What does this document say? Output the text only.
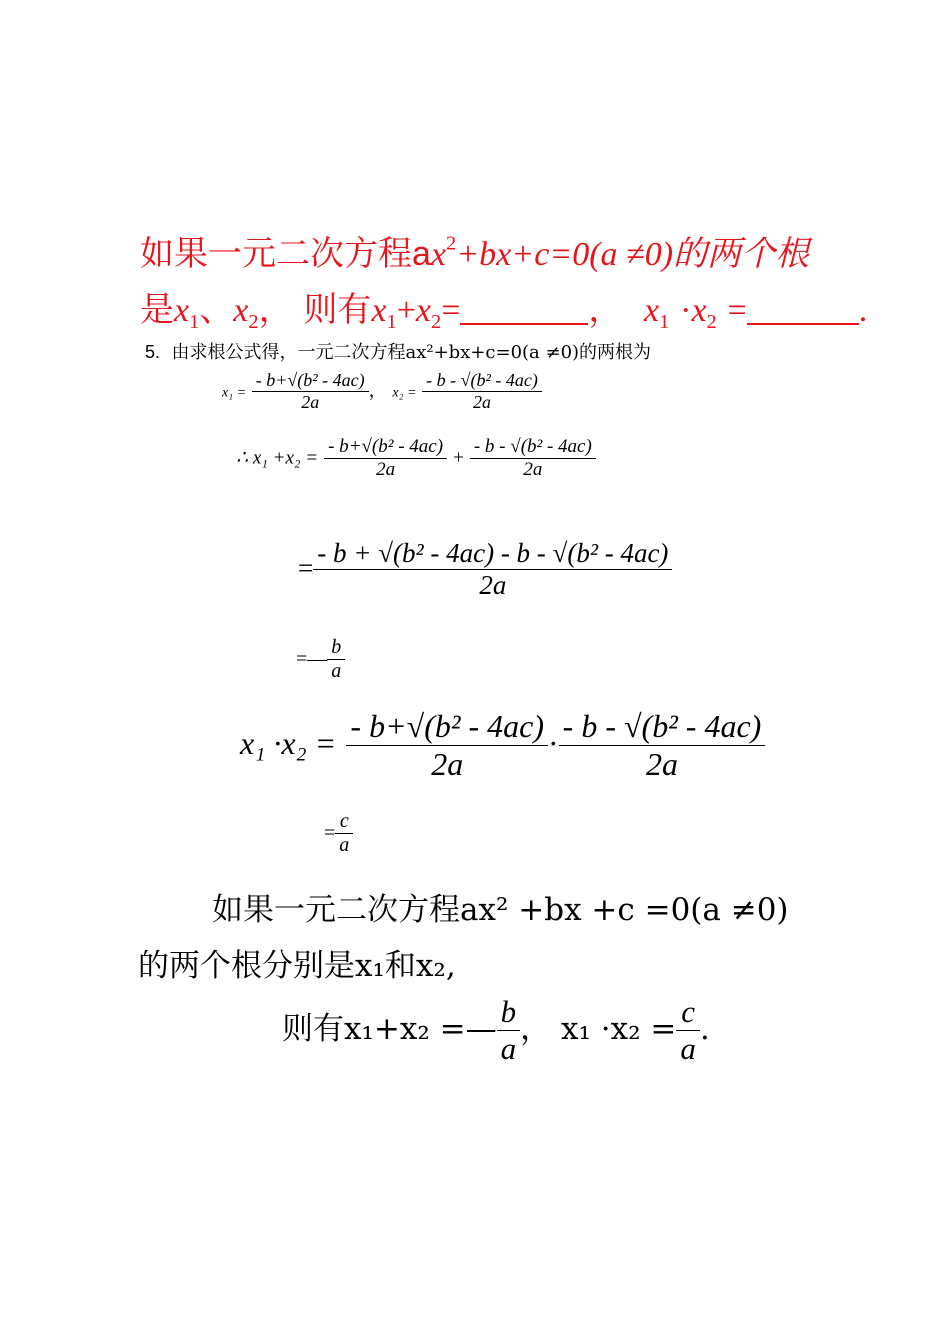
如果一元二次方程$ax^2+bx+c=0(a \ne 0)$的两个根
是$x_1$、$x_2$， 则有$x_1+x_2=$	， $x_1 \cdot x_2$ =	.
5. 由求根公式得，一元二次方程ax²+bx+c=0(a ≠0)的两根为
$x_1 = \frac{\text{- b+√(b² - 4ac)}}{2a}$ ， $x_2 = \frac{\text{- b - √(b² - 4ac)}}{2a}$
∴ $x_1 +x_2 = \frac{\text{- b+√(b² - 4ac)}}{2a} + \frac{\text{- b - √(b² - 4ac)}}{2a}$
= $\frac{\text{- b + √(b² - 4ac) - b - √(b² - 4ac)}}{2a}$
=— $\frac{b}{a}$
$x_1 \cdot x_2 = \frac{\text{- b+√(b² - 4ac)}}{2a} \cdot \frac{\text{- b - √(b² - 4ac)}}{2a}$
= $\frac{c}{a}$
如果一元二次方程ax² +bx +c =0(a ≠0)
的两个根分别是x₁和x₂,
则有x₁+x₂ =— $\frac{b}{a}$ ， $x_1 \cdot x_2 = \frac{c}{a}$ .
